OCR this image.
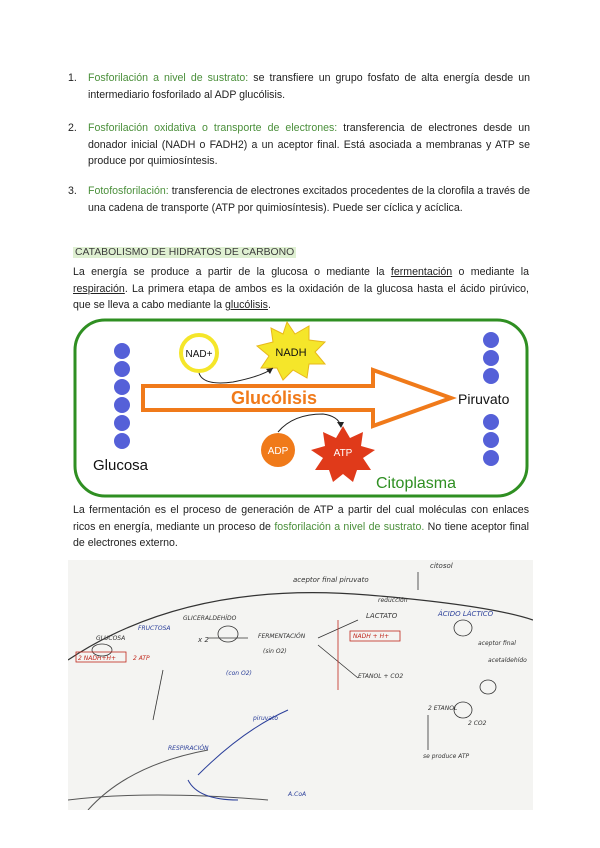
1. Fosforilación a nivel de sustrato: se transfiere un grupo fosfato de alta energía desde un intermediario fosforilado al ADP glucólisis.
2. Fosforilación oxidativa o transporte de electrones: transferencia de electrones desde un donador inicial (NADH o FADH2) a un aceptor final. Está asociada a membranas y ATP se produce por quimiosíntesis.
3. Fotofosforilación: transferencia de electrones excitados procedentes de la clorofila a través de una cadena de transporte (ATP por quimiosíntesis). Puede ser cíclica y acíclica.
CATABOLISMO DE HIDRATOS DE CARBONO
La energía se produce a partir de la glucosa o mediante la fermentación o mediante la respiración. La primera etapa de ambos es la oxidación de la glucosa hasta el ácido pirúvico, que se lleva a cabo mediante la glucólisis.
Glucosa
Piruvato
Glucólisis
NAD+	NADH
ADP	ATP
Citoplasma
La fermentación es el proceso de generación de ATP a partir del cual moléculas con enlaces ricos en energía, mediante un proceso de fosforilación a nivel de sustrato. No tiene aceptor final de electrones externo.
citosol
aceptor final piruvato
reducción
GLUCOSA
GLICERALDEHÍDO
FRUCTOSA
2 NADH+H+	2 ATP
x 2	FERMENTACIÓN
(sin O2)
LACTATO	ÁCIDO LÁCTICO
NADH + H+
aceptor final
acetaldehído
ETANOL + CO2
2 ETANOL
2 CO2
se produce ATP
(con O2)
piruvato
RESPIRACIÓN
A.CoA
